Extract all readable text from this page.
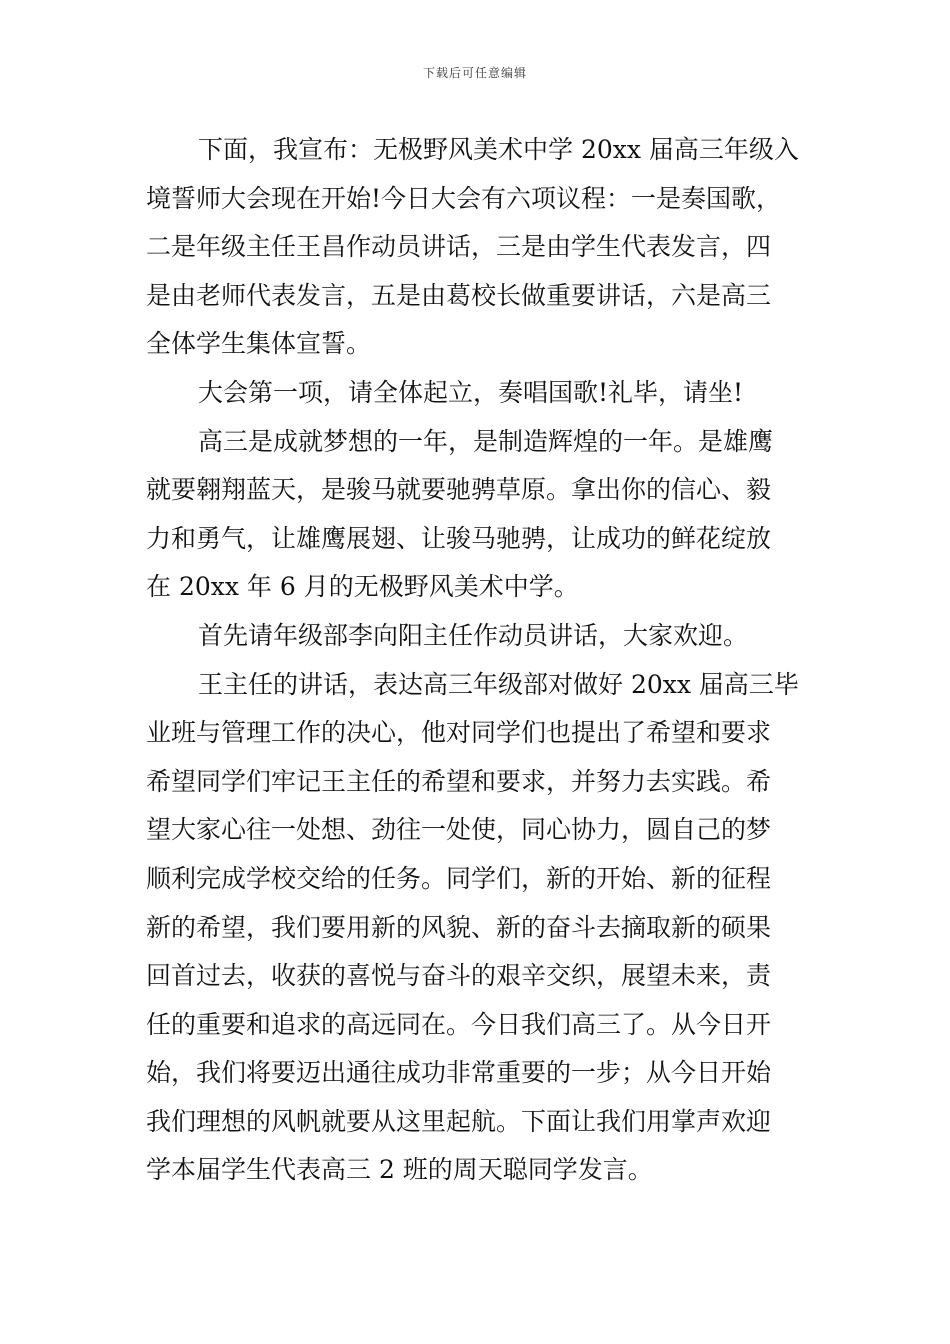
下载后可任意编辑
下面，我宣布：无极野风美术中学 20xx 届高三年级入
境誓师大会现在开始!今日大会有六项议程：一是奏国歌，
二是年级主任王昌作动员讲话，三是由学生代表发言，四
是由老师代表发言，五是由葛校长做重要讲话，六是高三
全体学生集体宣誓。
大会第一项，请全体起立，奏唱国歌!礼毕，请坐!
高三是成就梦想的一年，是制造辉煌的一年。是雄鹰
就要翱翔蓝天，是骏马就要驰骋草原。拿出你的信心、毅
力和勇气，让雄鹰展翅、让骏马驰骋，让成功的鲜花绽放
在 20xx 年 6 月的无极野风美术中学。
首先请年级部李向阳主任作动员讲话，大家欢迎。
王主任的讲话，表达高三年级部对做好 20xx 届高三毕
业班与管理工作的决心，他对同学们也提出了希望和要求
希望同学们牢记王主任的希望和要求，并努力去实践。希
望大家心往一处想、劲往一处使，同心协力，圆自己的梦
顺利完成学校交给的任务。同学们，新的开始、新的征程
新的希望，我们要用新的风貌、新的奋斗去摘取新的硕果
回首过去，收获的喜悦与奋斗的艰辛交织，展望未来，责
任的重要和追求的高远同在。今日我们高三了。从今日开
始，我们将要迈出通往成功非常重要的一步；从今日开始
我们理想的风帆就要从这里起航。下面让我们用掌声欢迎
学本届学生代表高三 2 班的周天聪同学发言。
